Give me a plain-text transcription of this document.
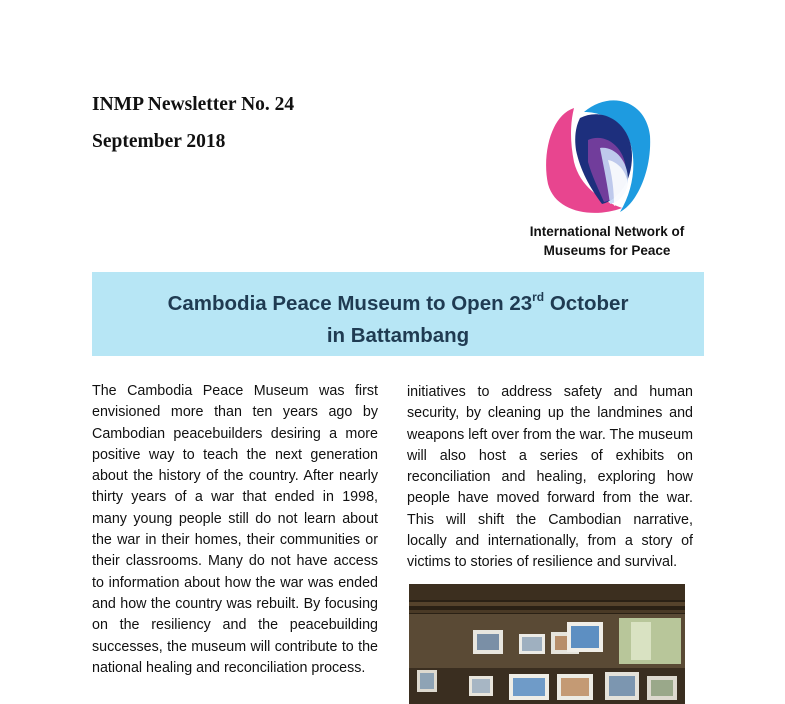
INMP Newsletter No. 24
September 2018
International Network of
Museums for Peace
Cambodia Peace Museum to Open 23rd October
in Battambang

The Cambodia Peace Museum was first envisioned more than ten years ago by Cambodian peacebuilders desiring a more positive way to teach the next generation about the history of the country. After nearly thirty years of a war that ended in 1998, many young people still do not learn about the war in their homes, their communities or their classrooms. Many do not have access to information about how the war was ended and how the country was rebuilt. By focusing on the resiliency and the peacebuilding successes, the museum will contribute to the national healing and reconciliation process.

initiatives to address safety and human security, by cleaning up the landmines and weapons left over from the war. The museum will also host a series of exhibits on reconciliation and healing, exploring how people have moved forward from the war. This will shift the Cambodian narrative, locally and internationally, from a story of victims to stories of resilience and survival.
